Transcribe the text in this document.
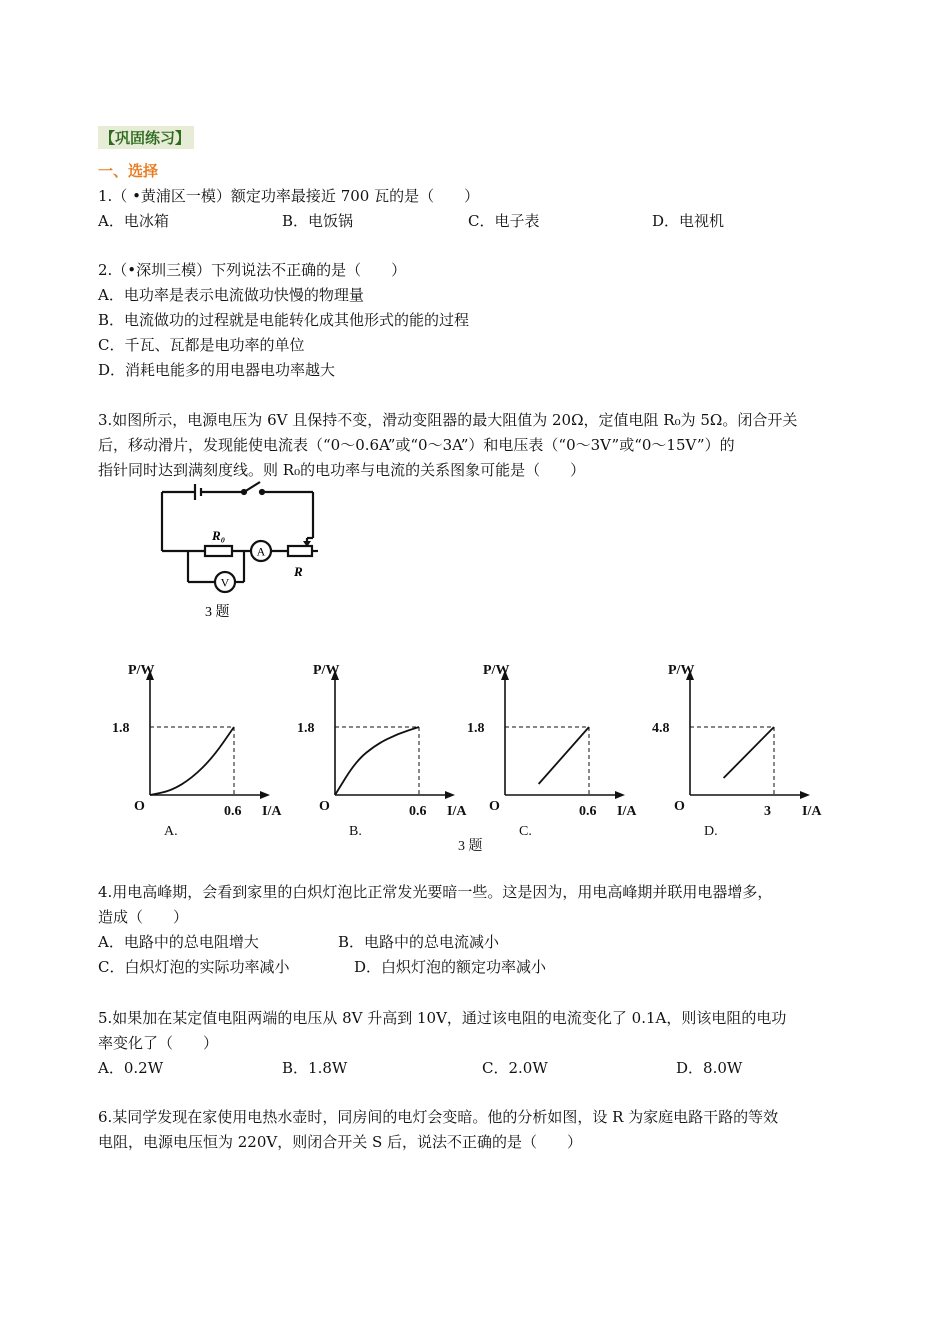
【巩固练习】
一、选择
1.（ •黄浦区一模）额定功率最接近 700 瓦的是（　　）
A．电冰箱	B．电饭锅	C．电子表	D．电视机
2.（•深圳三模）下列说法不正确的是（　　）
A．电功率是表示电流做功快慢的物理量
B．电流做功的过程就是电能转化成其他形式的能的过程
C．千瓦、瓦都是电功率的单位
D．消耗电能多的用电器电功率越大
3.如图所示，电源电压为 6V 且保持不变，滑动变阻器的最大阻值为 20Ω，定值电阻 R₀为 5Ω。闭合开关
后，移动滑片，发现能使电流表（“0～0.6A”或“0～3A”）和电压表（“0～3V”或“0～15V”）的
指针同时达到满刻度线。则 R₀的电功率与电流的关系图象可能是（　　）
R₀
A
V
R
3 题
P/W
1.8
O	0.6 I/A
A.
P/W
1.8
O	0.6 I/A
B.
P/W
1.8
O	0.6 I/A
C.
P/W
4.8
O	3 I/A
D.
3 题
4.用电高峰期，会看到家里的白炽灯泡比正常发光要暗一些。这是因为，用电高峰期并联用电器增多，
造成（　　）
A．电路中的总电阻增大	B．电路中的总电流减小
C．白炽灯泡的实际功率减小	D．白炽灯泡的额定功率减小
5.如果加在某定值电阻两端的电压从 8V 升高到 10V，通过该电阻的电流变化了 0.1A，则该电阻的电功
率变化了（　　）
A．0.2W	B．1.8W	C．2.0W	D．8.0W
6.某同学发现在家使用电热水壶时，同房间的电灯会变暗。他的分析如图，设 R 为家庭电路干路的等效
电阻，电源电压恒为 220V，则闭合开关 S 后，说法不正确的是（　　）
